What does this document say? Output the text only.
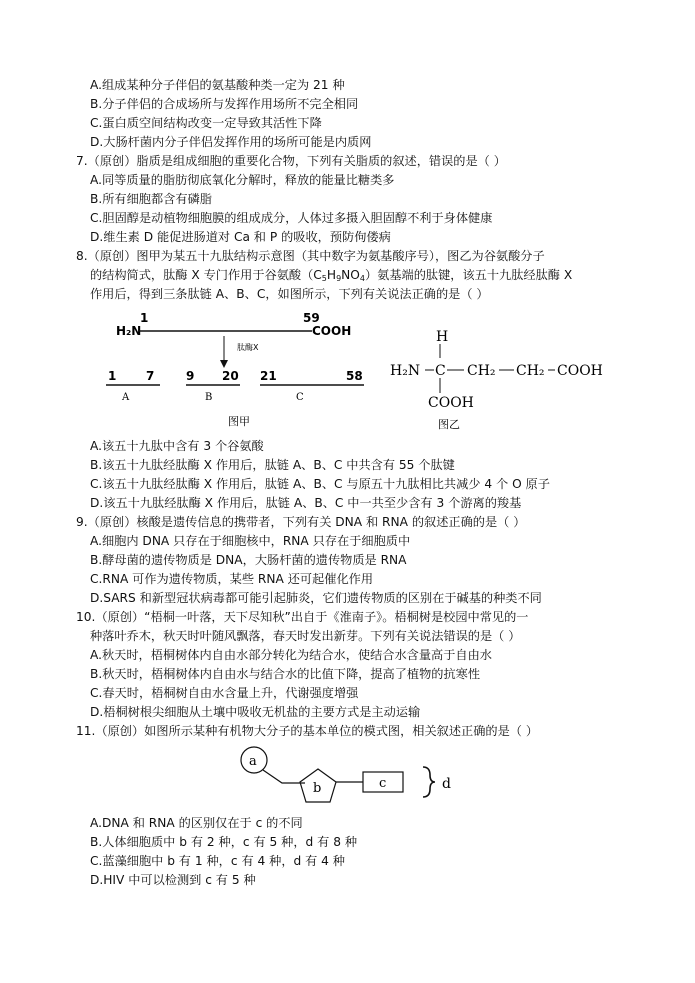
A.组成某种分子伴侣的氨基酸种类一定为 21 种
B.分子伴侣的合成场所与发挥作用场所不完全相同
C.蛋白质空间结构改变一定导致其活性下降
D.大肠杆菌内分子伴侣发挥作用的场所可能是内质网
7.（原创）脂质是组成细胞的重要化合物，下列有关脂质的叙述，错误的是（ ）
A.同等质量的脂肪彻底氧化分解时，释放的能量比糖类多
B.所有细胞都含有磷脂
C.胆固醇是动植物细胞膜的组成成分，人体过多摄入胆固醇不利于身体健康
D.维生素 D 能促进肠道对 Ca 和 P 的吸收，预防佝偻病
8.（原创）图甲为某五十九肽结构示意图（其中数字为氨基酸序号），图乙为谷氨酸分子
的结构简式，肽酶 X 专门作用于谷氨酸$(C_5H_9NO_4)$氨基端的肽键，该五十九肽经肽酶 X
作用后，得到三条肽链 A、B、C，如图所示，下列有关说法正确的是（ ）
H₂N
1	59
COOH
肽酶X
1 7	9 20 21	58
A	B	C
图甲
H
H₂N C CH₂ CH₂ COOH
COOH
图乙
A.该五十九肽中含有 3 个谷氨酸
B.该五十九肽经肽酶 X 作用后，肽链 A、B、C 中共含有 55 个肽键
C.该五十九肽经肽酶 X 作用后，肽链 A、B、C 与原五十九肽相比共减少 4 个 O 原子
D.该五十九肽经肽酶 X 作用后，肽链 A、B、C 中一共至少含有 3 个游离的羧基
9.（原创）核酸是遗传信息的携带者，下列有关 DNA 和 RNA 的叙述正确的是（ ）
A.细胞内 DNA 只存在于细胞核中，RNA 只存在于细胞质中
B.酵母菌的遗传物质是 DNA，大肠杆菌的遗传物质是 RNA
C.RNA 可作为遗传物质，某些 RNA 还可起催化作用
D.SARS 和新型冠状病毒都可能引起肺炎，它们遗传物质的区别在于碱基的种类不同
10.（原创）“梧桐一叶落，天下尽知秋”出自于《淮南子》。梧桐树是校园中常见的一
种落叶乔木，秋天时叶随风飘落，春天时发出新芽。下列有关说法错误的是（ ）
A.秋天时，梧桐树体内自由水部分转化为结合水，使结合水含量高于自由水
B.秋天时，梧桐树体内自由水与结合水的比值下降，提高了植物的抗寒性
C.春天时，梧桐树自由水含量上升，代谢强度增强
D.梧桐树根尖细胞从土壤中吸收无机盐的主要方式是主动运输
11.（原创）如图所示某种有机物大分子的基本单位的模式图，相关叙述正确的是（ ）
a
b	c	d
A.DNA 和 RNA 的区别仅在于 c 的不同
B.人体细胞质中 b 有 2 种，c 有 5 种，d 有 8 种
C.蓝藻细胞中 b 有 1 种，c 有 4 种，d 有 4 种
D.HIV 中可以检测到 c 有 5 种
